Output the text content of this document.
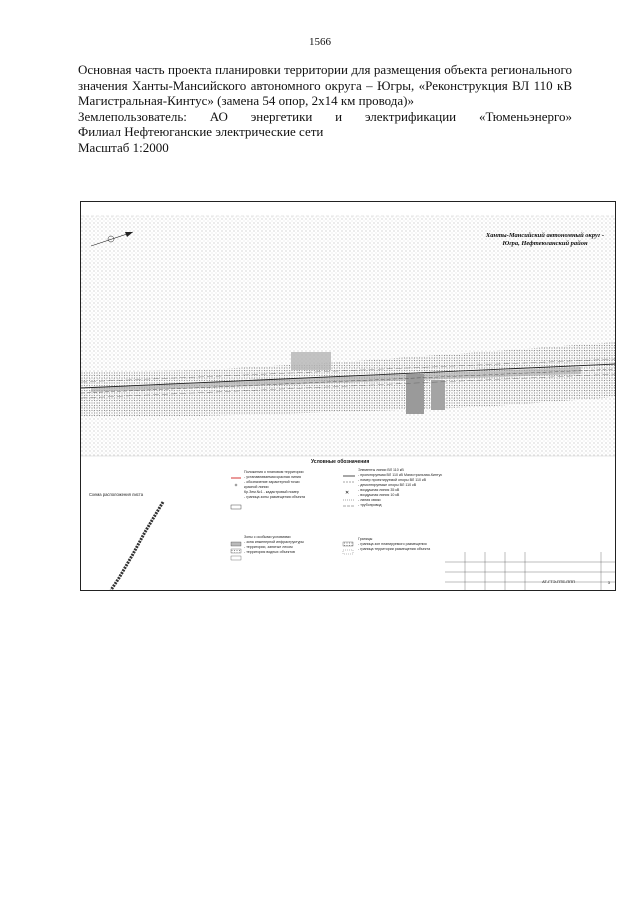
1566

Основная часть проекта планировки территории для размещения объекта регионального

значения Ханты-Мансийского автономного округа – Югры, «Реконструкция ВЛ 110 кВ

Магистральная-Кинтус» (замена 54 опор, 2х14 км провода)»

Землепользователь: АО энергетики и электрификации «Тюменьэнерго»

Филиал Нефтеюганские электрические сети

Масштаб 1:2000

✕
Ханты-Мансийский автономный округ - Югра, Нефтеюганский район
Условные обозначения
Схема расположения листа
Положения о плановом территории
- устанавливаемая красная линия
- обозначение характерной точки
красной линии
Кр.Зем.№1 - кадастровый номер
- граница зоны размещения объекта
Зоны с особыми условиями
- зона инженерной инфраструктуры
- территории, занятые лесом
- территория водных объектов
Элементы линии ВЛ 110 кВ
- проектируемая ВЛ 110 кВ Магистральная-Кинтус
- номер проектируемой опоры ВЛ 110 кВ
- демонтируемые опоры ВЛ 110 кВ
- воздушная линия 35 кВ
- воздушная линия 10 кВ
- линия связи
- трубопровод
Границы
- граница зон планируемого размещения
- граница территории размещения объекта
АТ-ГТЭ-ПТЕ-ППП	3
